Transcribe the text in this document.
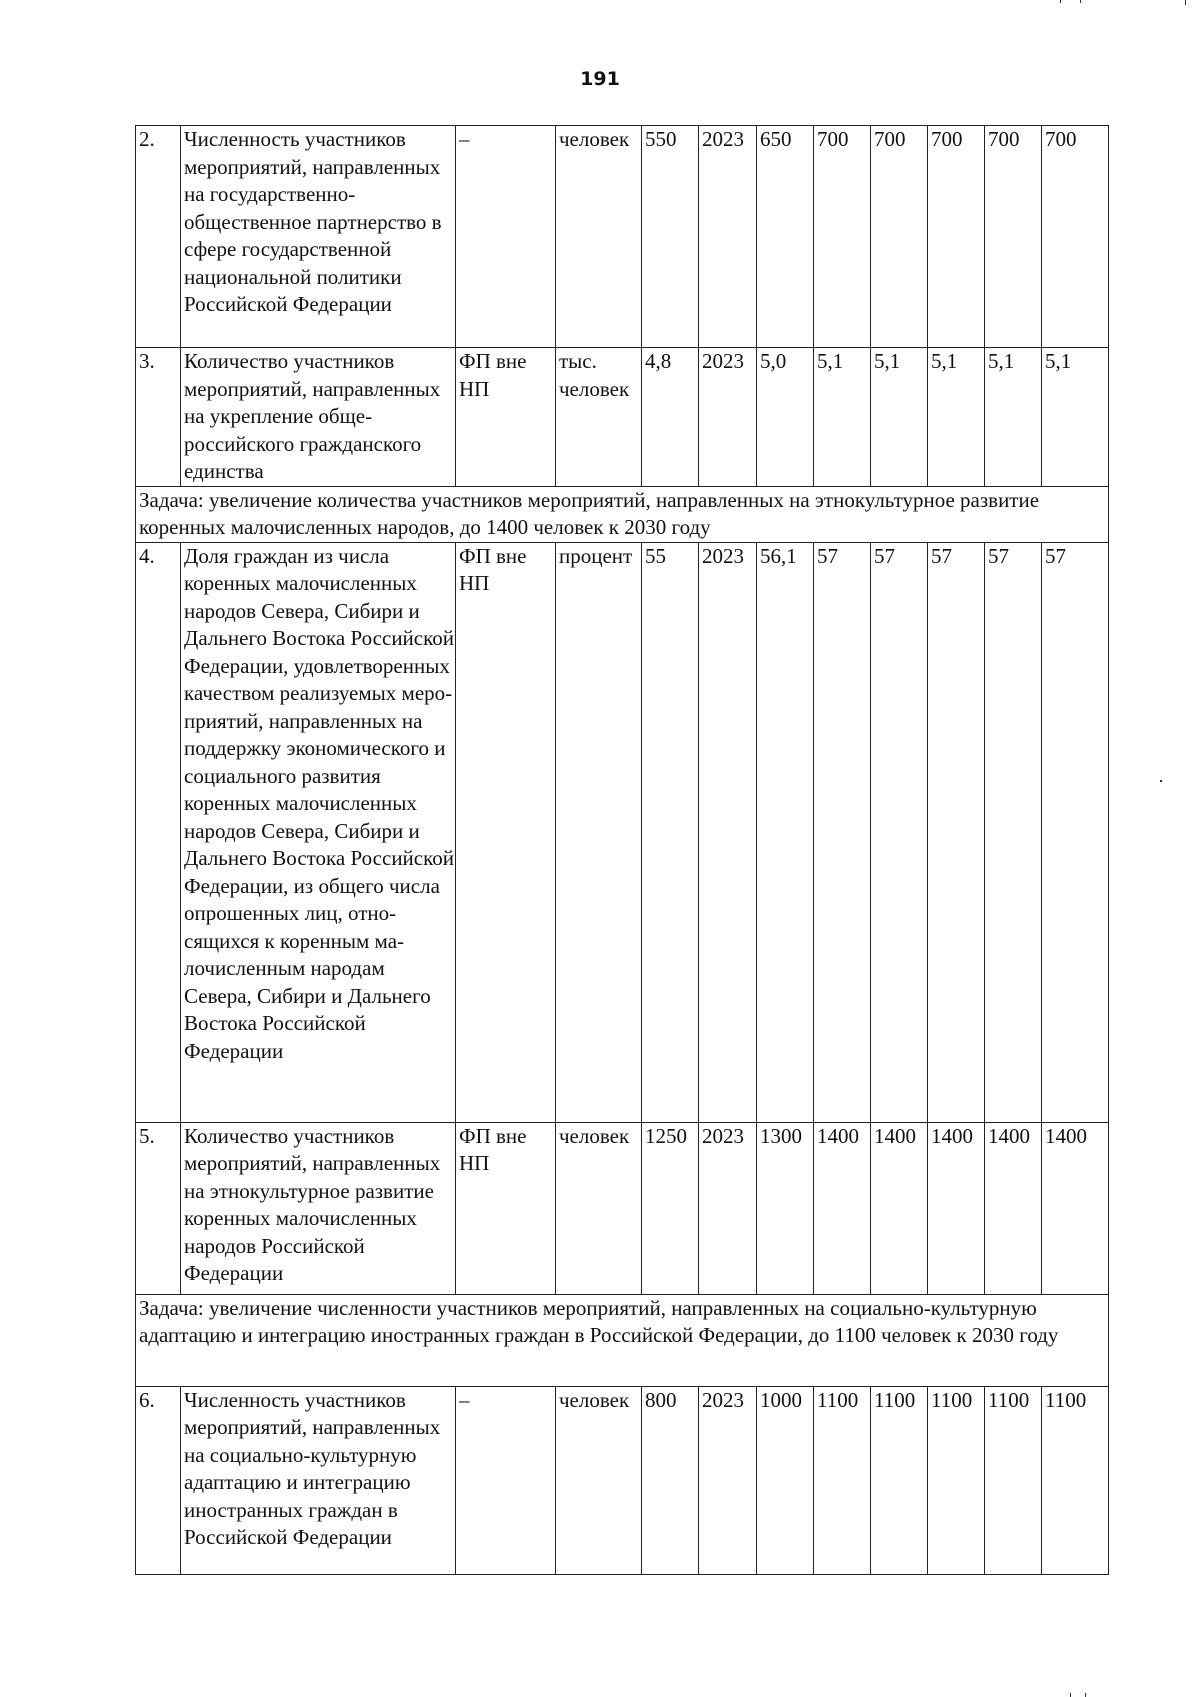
191
2.	Численность участников мероприятий, направленных на государственно-общественное партнерство в сфере государственной национальной политики Российской Федерации	–	человек	550	2023	650	700	700	700	700	700
3.	Количество участников мероприятий, направленных на укрепление общероссийского гражданского единства	ФП вне НП	тыс. человек	4,8	2023	5,0	5,1	5,1	5,1	5,1	5,1
Задача: увеличение количества участников мероприятий, направленных на этнокультурное развитие коренных малочисленных народов, до 1400 человек к 2030 году											
4.	Доля граждан из числа коренных малочисленных народов Севера, Сибири и Дальнего Востока Российской Федерации, удовлетворенных качеством реализуемых мероприятий, направленных на поддержку экономического и социального развития коренных малочисленных народов Севера, Сибири и Дальнего Востока Российской Федерации, из общего числа опрошенных лиц, относящихся к коренным малочисленным народам Севера, Сибири и Дальнего Востока Российской Федерации	ФП вне НП	процент	55	2023	56,1	57	57	57	57	57
5.	Количество участников мероприятий, направленных на этнокультурное развитие коренных малочисленных народов Российской Федерации	ФП вне НП	человек	1250	2023	1300	1400	1400	1400	1400	1400
Задача: увеличение численности участников мероприятий, направленных на социально-культурную адаптацию и интеграцию иностранных граждан в Российской Федерации, до 1100 человек к 2030 году											
6.	Численность участников мероприятий, направленных на социально-культурную адаптацию и интеграцию иностранных граждан в Российской Федерации	–	человек	800	2023	1000	1100	1100	1100	1100	1100
